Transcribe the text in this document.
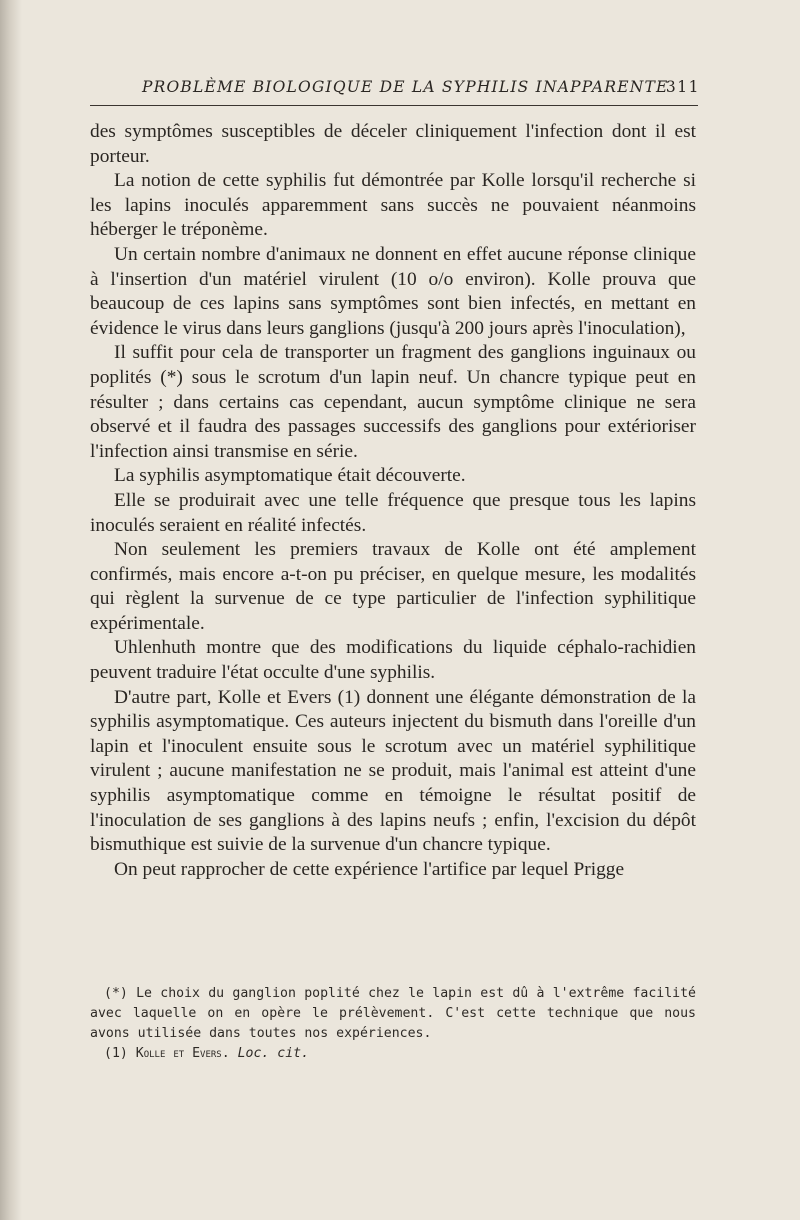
PROBLÈME BIOLOGIQUE DE LA SYPHILIS INAPPARENTE
311

des symptômes susceptibles de déceler cliniquement l'infection dont il est porteur.

La notion de cette syphilis fut démontrée par Kolle lorsqu'il recherche si les lapins inoculés apparemment sans succès ne pouvaient néanmoins héberger le tréponème.

Un certain nombre d'animaux ne donnent en effet aucune réponse clinique à l'insertion d'un matériel virulent (10 o/o environ). Kolle prouva que beaucoup de ces lapins sans symptômes sont bien infectés, en mettant en évidence le virus dans leurs ganglions (jusqu'à 200 jours après l'inoculation),

Il suffit pour cela de transporter un fragment des ganglions inguinaux ou poplités (*) sous le scrotum d'un lapin neuf. Un chancre typique peut en résulter ; dans certains cas cependant, aucun symptôme clinique ne sera observé et il faudra des passages successifs des ganglions pour extérioriser l'infection ainsi transmise en série.

La syphilis asymptomatique était découverte.

Elle se produirait avec une telle fréquence que presque tous les lapins inoculés seraient en réalité infectés.

Non seulement les premiers travaux de Kolle ont été amplement confirmés, mais encore a-t-on pu préciser, en quelque mesure, les modalités qui règlent la survenue de ce type particulier de l'infection syphilitique expérimentale.

Uhlenhuth montre que des modifications du liquide céphalo-rachidien peuvent traduire l'état occulte d'une syphilis.

D'autre part, Kolle et Evers (1) donnent une élégante démonstration de la syphilis asymptomatique. Ces auteurs injectent du bismuth dans l'oreille d'un lapin et l'inoculent ensuite sous le scrotum avec un matériel syphilitique virulent ; aucune manifestation ne se produit, mais l'animal est atteint d'une syphilis asymptomatique comme en témoigne le résultat positif de l'inoculation de ses ganglions à des lapins neufs ; enfin, l'excision du dépôt bismuthique est suivie de la survenue d'un chancre typique.

On peut rapprocher de cette expérience l'artifice par lequel Prigge

(*) Le choix du ganglion poplité chez le lapin est dû à l'extrême facilité avec laquelle on en opère le prélèvement. C'est cette technique que nous avons utilisée dans toutes nos expériences.

(1) Kolle et Evers. Loc. cit.
